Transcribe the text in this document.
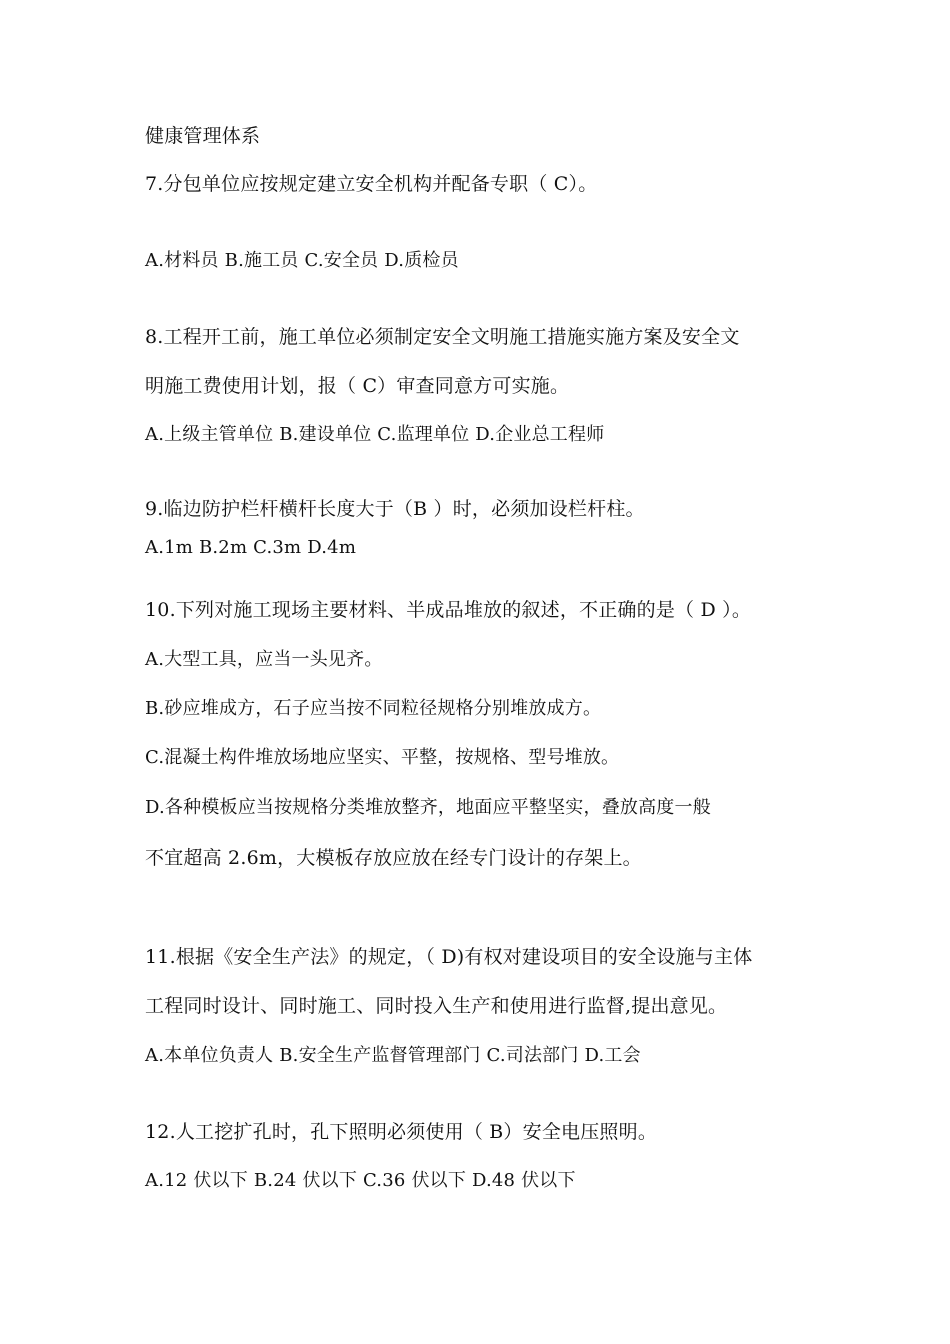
健康管理体系
7.分包单位应按规定建立安全机构并配备专职（ C）。
A.材料员 B.施工员 C.安全员 D.质检员
8.工程开工前，施工单位必须制定安全文明施工措施实施方案及安全文
明施工费使用计划，报（ C）审查同意方可实施。
A.上级主管单位 B.建设单位 C.监理单位 D.企业总工程师
9.临边防护栏杆横杆长度大于（B ）时，必须加设栏杆柱。
A.1m B.2m C.3m D.4m
10.下列对施工现场主要材料、半成品堆放的叙述，不正确的是（ D ）。
A.大型工具，应当一头见齐。
B.砂应堆成方，石子应当按不同粒径规格分别堆放成方。
C.混凝土构件堆放场地应坚实、平整，按规格、型号堆放。
D.各种模板应当按规格分类堆放整齐，地面应平整坚实，叠放高度一般
不宜超高 2.6m，大模板存放应放在经专门设计的存架上。
11.根据《安全生产法》的规定，（ D)有权对建设项目的安全设施与主体
工程同时设计、同时施工、同时投入生产和使用进行监督,提出意见。
A.本单位负责人 B.安全生产监督管理部门 C.司法部门 D.工会
12.人工挖扩孔时，孔下照明必须使用（ B）安全电压照明。
A.12 伏以下 B.24 伏以下 C.36 伏以下 D.48 伏以下
